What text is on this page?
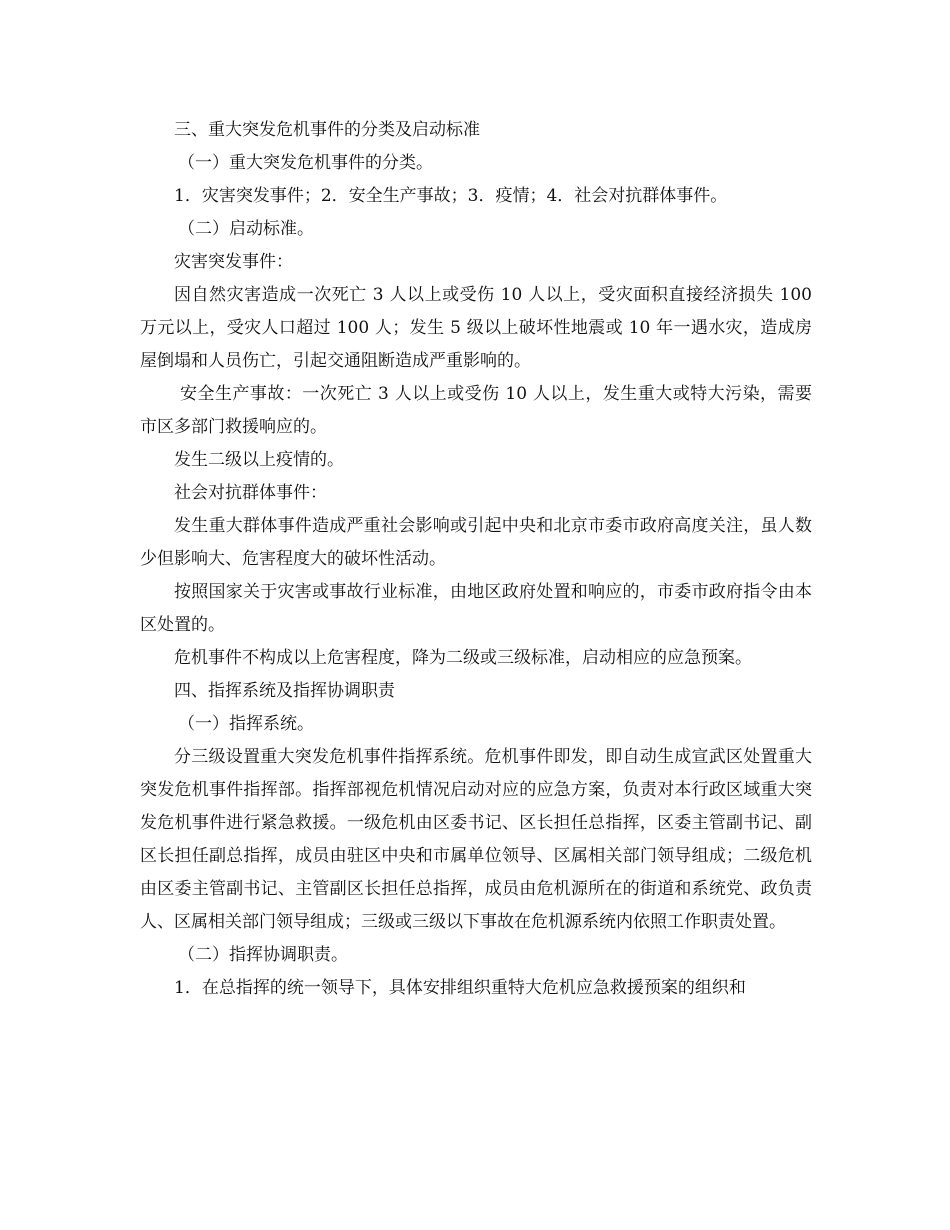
三、重大突发危机事件的分类及启动标准

（一）重大突发危机事件的分类。

1．灾害突发事件；2．安全生产事故；3．疫情；4．社会对抗群体事件。

（二）启动标准。

灾害突发事件：

因自然灾害造成一次死亡 3 人以上或受伤 10 人以上，受灾面积直接经济损失 100 万元以上，受灾人口超过 100 人；发生 5 级以上破坏性地震或 10 年一遇水灾，造成房屋倒塌和人员伤亡，引起交通阻断造成严重影响的。

安全生产事故：一次死亡 3 人以上或受伤 10 人以上，发生重大或特大污染，需要市区多部门救援响应的。

发生二级以上疫情的。

社会对抗群体事件：

发生重大群体事件造成严重社会影响或引起中央和北京市委市政府高度关注，虽人数少但影响大、危害程度大的破坏性活动。

按照国家关于灾害或事故行业标准，由地区政府处置和响应的，市委市政府指令由本区处置的。

危机事件不构成以上危害程度，降为二级或三级标准，启动相应的应急预案。

四、指挥系统及指挥协调职责

（一）指挥系统。

分三级设置重大突发危机事件指挥系统。危机事件即发，即自动生成宣武区处置重大突发危机事件指挥部。指挥部视危机情况启动对应的应急方案，负责对本行政区域重大突发危机事件进行紧急救援。一级危机由区委书记、区长担任总指挥，区委主管副书记、副区长担任副总指挥，成员由驻区中央和市属单位领导、区属相关部门领导组成；二级危机由区委主管副书记、主管副区长担任总指挥，成员由危机源所在的街道和系统党、政负责人、区属相关部门领导组成；三级或三级以下事故在危机源系统内依照工作职责处置。

（二）指挥协调职责。

1．在总指挥的统一领导下，具体安排组织重特大危机应急救援预案的组织和
